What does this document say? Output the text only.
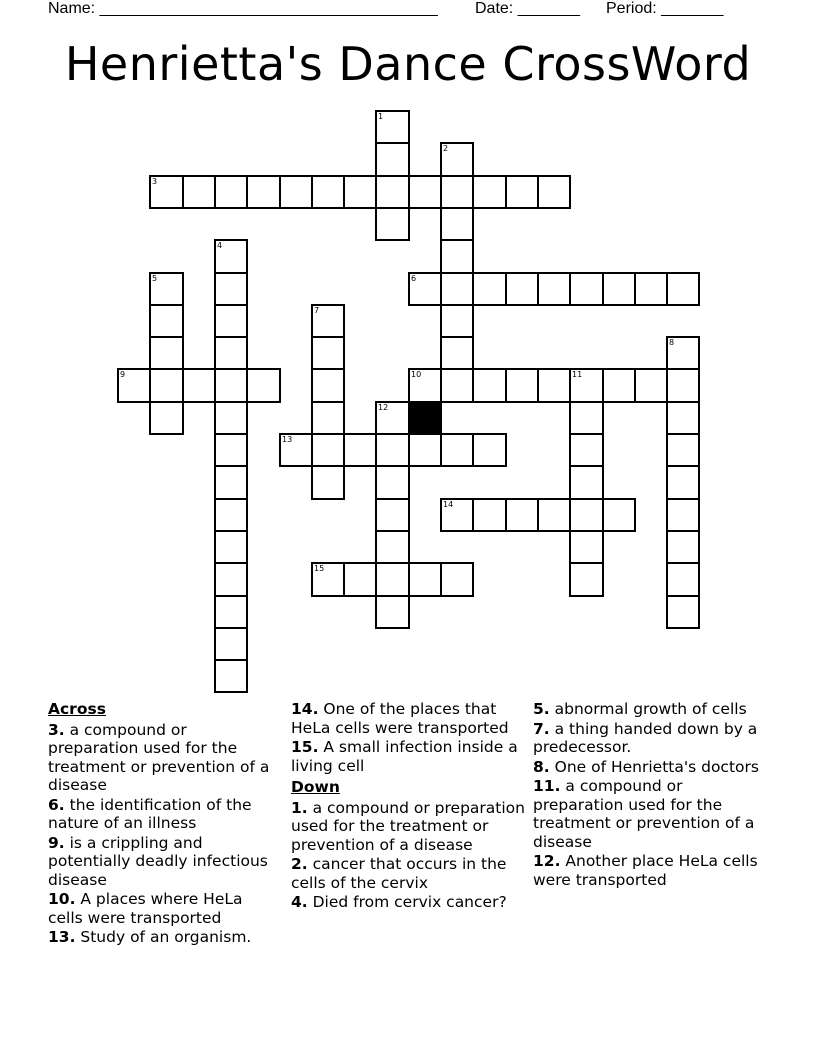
Name: ______________________________________ Date: _______ Period: _______
Henrietta's Dance CrossWord
1
2
3
4
5	6
7
8
9	10	11
12
13
14
15
Across
3. a compound or preparation used for the treatment or prevention of a disease
6. the identification of the nature of an illness
9. is a crippling and potentially deadly infectious disease
10. A places where HeLa cells were transported
13. Study of an organism.
14. One of the places that HeLa cells were transported
15. A small infection inside a living cell
Down
1. a compound or preparation used for the treatment or prevention of a disease
2. cancer that occurs in the cells of the cervix
4. Died from cervix cancer?
5. abnormal growth of cells
7. a thing handed down by a predecessor.
8. One of Henrietta's doctors
11. a compound or preparation used for the treatment or prevention of a disease
12. Another place HeLa cells were transported
